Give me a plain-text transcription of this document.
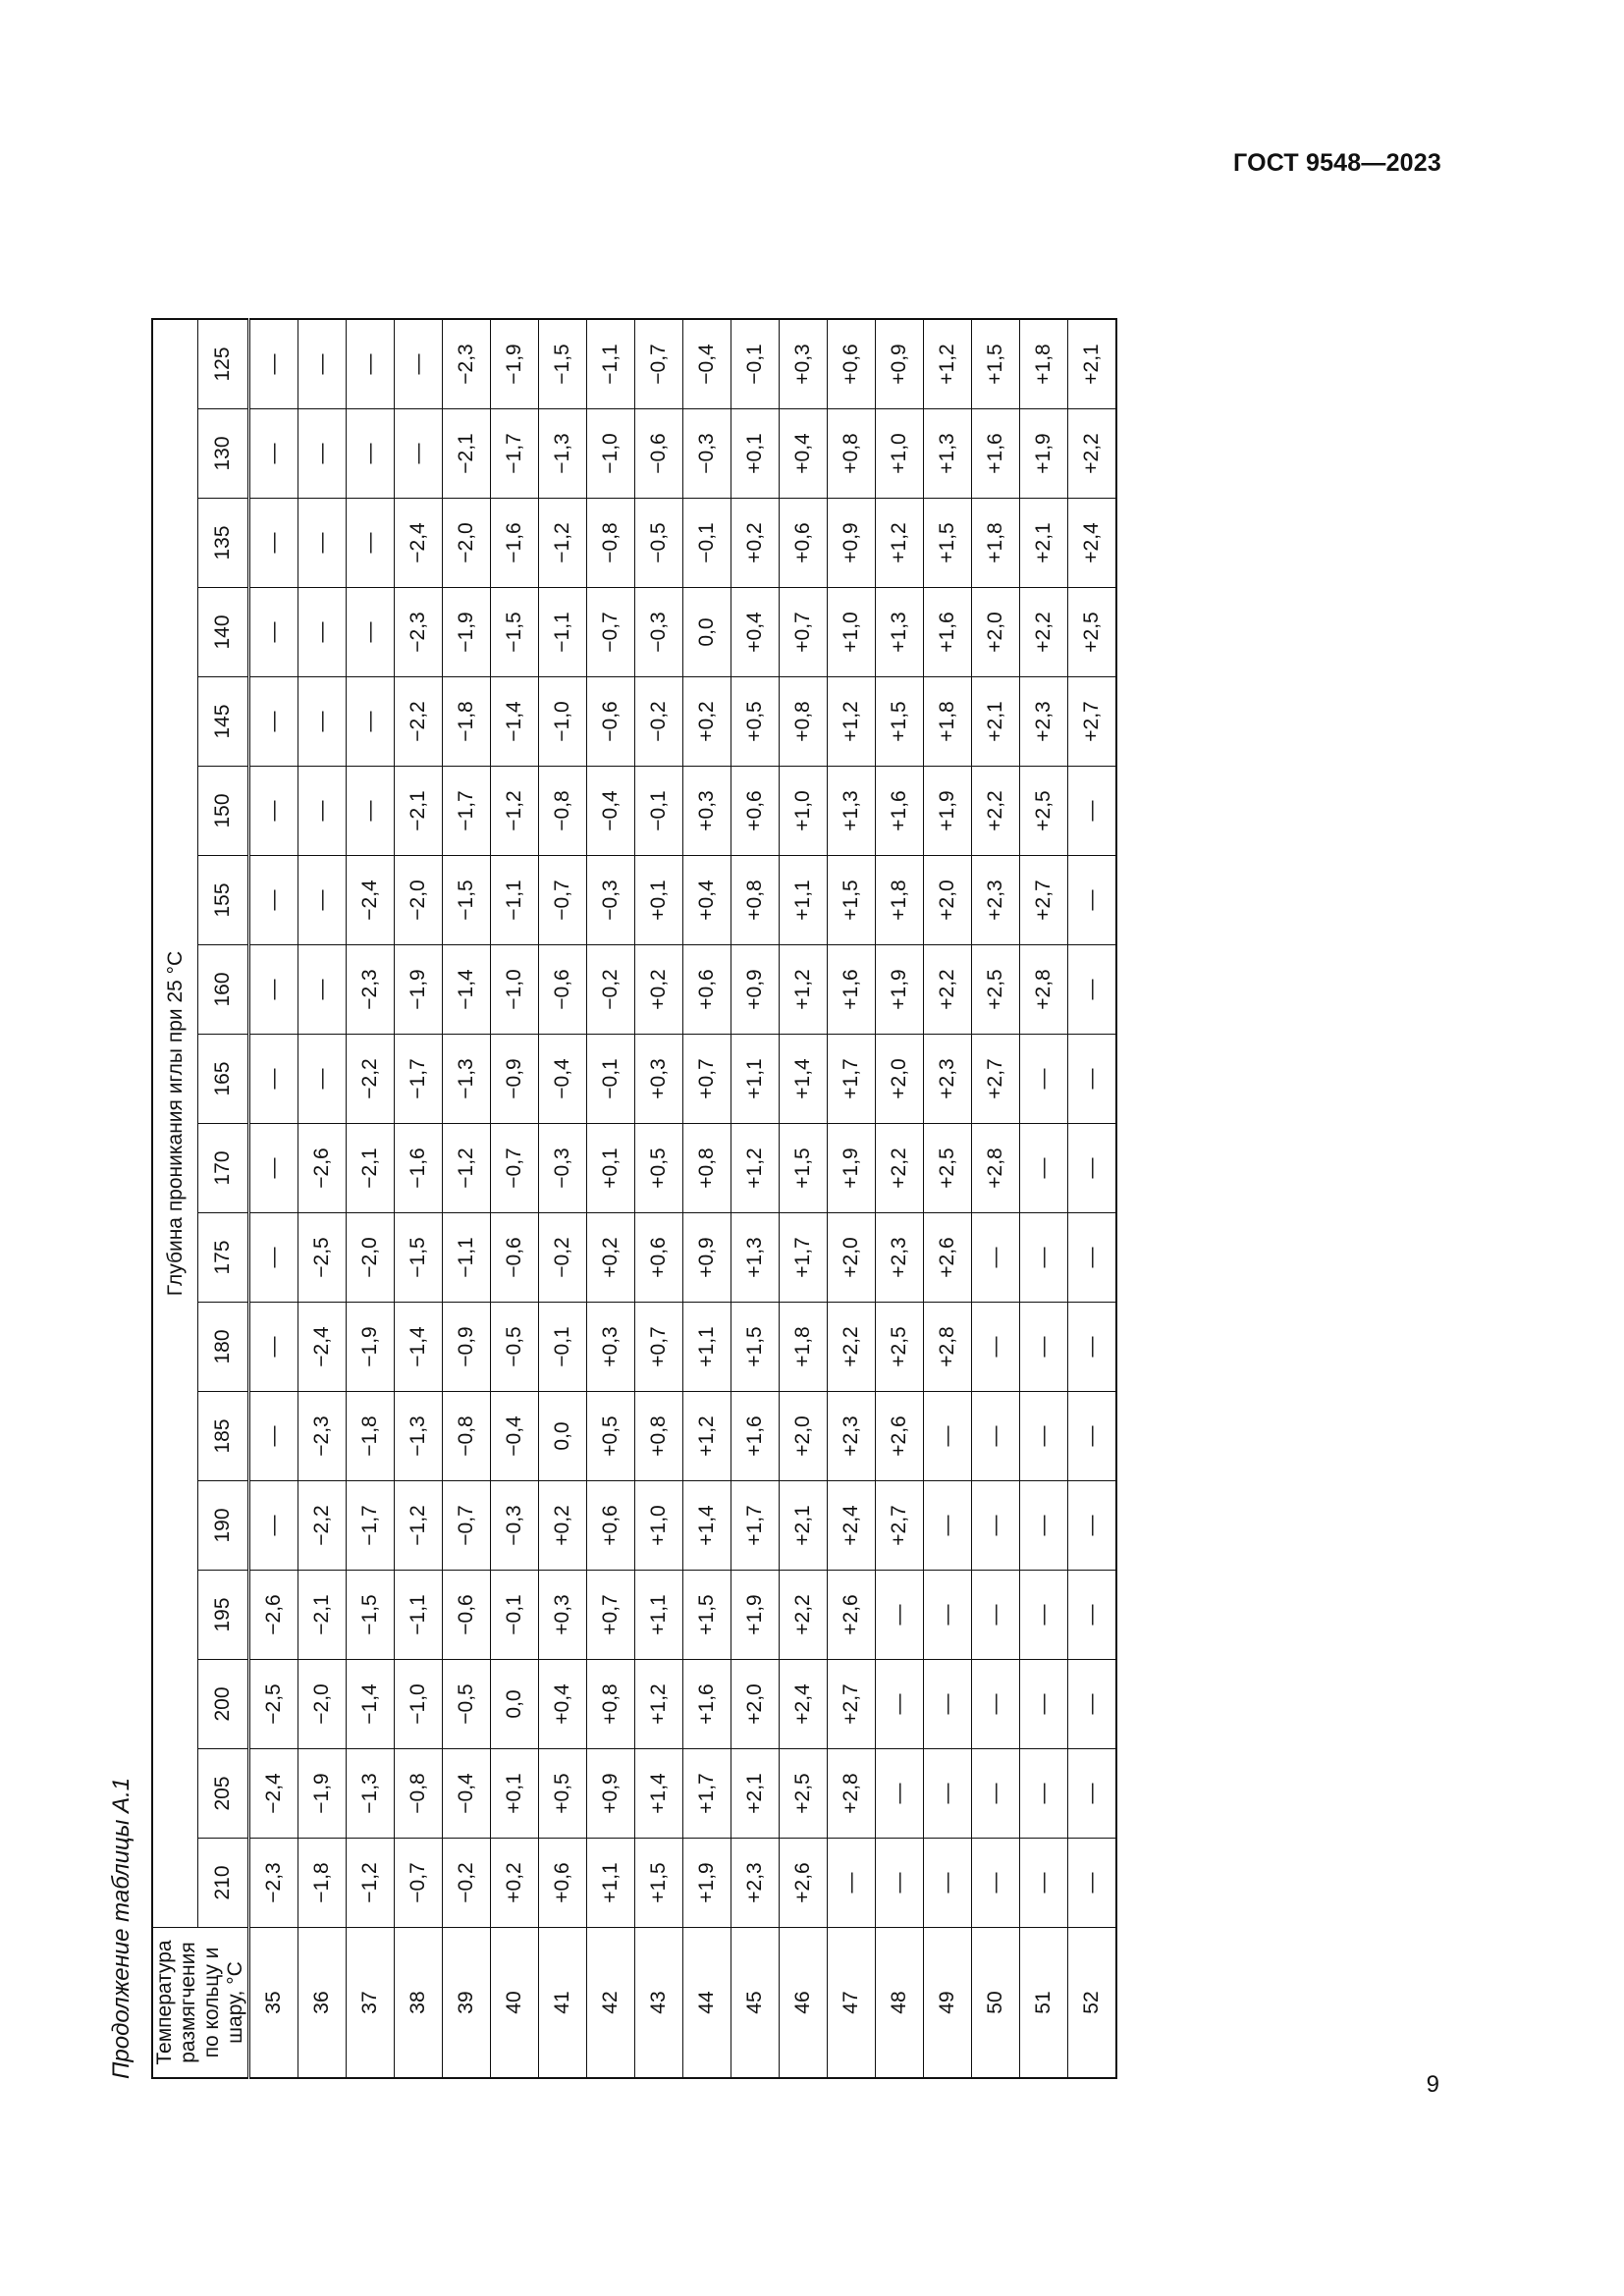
ГОСТ 9548—2023
Продолжение таблицы А.1 Температура размягчения по кольцу и шару, °С	Глубина проникания иглы при 25 °С																	
	210	205	200	195	190	185	180	175	170	165	160	155	150	145	140	135	130	125
35	−2,3	−2,4	−2,5	−2,6	—	—	—	—	—	—	—	—	—	—	—	—	—	—
36	−1,8	−1,9	−2,0	−2,1	−2,2	−2,3	−2,4	−2,5	−2,6	—	—	—	—	—	—	—	—	—
37	−1,2	−1,3	−1,4	−1,5	−1,7	−1,8	−1,9	−2,0	−2,1	−2,2	−2,3	−2,4	—	—	—	—	—	—
38	−0,7	−0,8	−1,0	−1,1	−1,2	−1,3	−1,4	−1,5	−1,6	−1,7	−1,9	−2,0	−2,1	−2,2	−2,3	−2,4	—	—
39	−0,2	−0,4	−0,5	−0,6	−0,7	−0,8	−0,9	−1,1	−1,2	−1,3	−1,4	−1,5	−1,7	−1,8	−1,9	−2,0	−2,1	−2,3
40	+0,2	+0,1	0,0	−0,1	−0,3	−0,4	−0,5	−0,6	−0,7	−0,9	−1,0	−1,1	−1,2	−1,4	−1,5	−1,6	−1,7	−1,9
41	+0,6	+0,5	+0,4	+0,3	+0,2	0,0	−0,1	−0,2	−0,3	−0,4	−0,6	−0,7	−0,8	−1,0	−1,1	−1,2	−1,3	−1,5
42	+1,1	+0,9	+0,8	+0,7	+0,6	+0,5	+0,3	+0,2	+0,1	−0,1	−0,2	−0,3	−0,4	−0,6	−0,7	−0,8	−1,0	−1,1
43	+1,5	+1,4	+1,2	+1,1	+1,0	+0,8	+0,7	+0,6	+0,5	+0,3	+0,2	+0,1	−0,1	−0,2	−0,3	−0,5	−0,6	−0,7
44	+1,9	+1,7	+1,6	+1,5	+1,4	+1,2	+1,1	+0,9	+0,8	+0,7	+0,6	+0,4	+0,3	+0,2	0,0	−0,1	−0,3	−0,4
45	+2,3	+2,1	+2,0	+1,9	+1,7	+1,6	+1,5	+1,3	+1,2	+1,1	+0,9	+0,8	+0,6	+0,5	+0,4	+0,2	+0,1	−0,1
46	+2,6	+2,5	+2,4	+2,2	+2,1	+2,0	+1,8	+1,7	+1,5	+1,4	+1,2	+1,1	+1,0	+0,8	+0,7	+0,6	+0,4	+0,3
47	—	+2,8	+2,7	+2,6	+2,4	+2,3	+2,2	+2,0	+1,9	+1,7	+1,6	+1,5	+1,3	+1,2	+1,0	+0,9	+0,8	+0,6
48	—	—	—	—	+2,7	+2,6	+2,5	+2,3	+2,2	+2,0	+1,9	+1,8	+1,6	+1,5	+1,3	+1,2	+1,0	+0,9
49	—	—	—	—	—	—	+2,8	+2,6	+2,5	+2,3	+2,2	+2,0	+1,9	+1,8	+1,6	+1,5	+1,3	+1,2
50	—	—	—	—	—	—	—	—	+2,8	+2,7	+2,5	+2,3	+2,2	+2,1	+2,0	+1,8	+1,6	+1,5
51	—	—	—	—	—	—	—	—	—	—	+2,8	+2,7	+2,5	+2,3	+2,2	+2,1	+1,9	+1,8
52	—	—	—	—	—	—	—	—	—	—	—	—	—	+2,7	+2,5	+2,4	+2,2	+2,1
9
